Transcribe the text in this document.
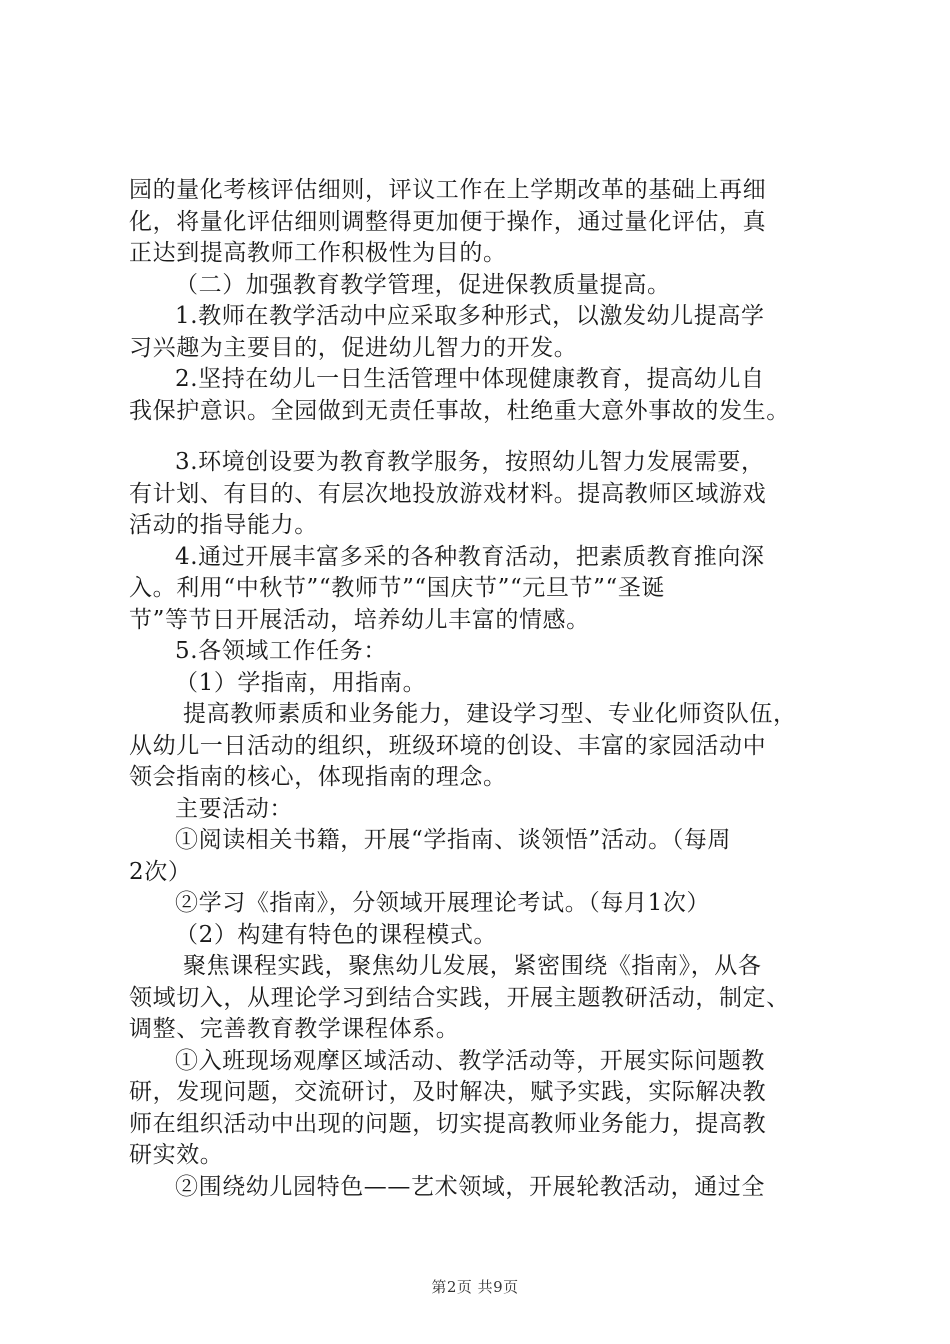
园的量化考核评估细则，评议工作在上学期改革的基础上再细
化，将量化评估细则调整得更加便于操作，通过量化评估，真
正达到提高教师工作积极性为目的。
（二）加强教育教学管理，促进保教质量提高。
1.教师在教学活动中应采取多种形式，以激发幼儿提高学
习兴趣为主要目的，促进幼儿智力的开发。
2.坚持在幼儿一日生活管理中体现健康教育，提高幼儿自
我保护意识。全园做到无责任事故，杜绝重大意外事故的发生。
3.环境创设要为教育教学服务，按照幼儿智力发展需要，
有计划、有目的、有层次地投放游戏材料。提高教师区域游戏
活动的指导能力。
4.通过开展丰富多采的各种教育活动，把素质教育推向深
入。利用“中秋节”“教师节”“国庆节”“元旦节”“圣诞
节”等节日开展活动，培养幼儿丰富的情感。
5.各领域工作任务：
（1）学指南，用指南。
提高教师素质和业务能力，建设学习型、专业化师资队伍，
从幼儿一日活动的组织，班级环境的创设、丰富的家园活动中
领会指南的核心，体现指南的理念。
主要活动：
①阅读相关书籍，开展“学指南、谈领悟”活动。（每周
2次）
②学习《指南》，分领域开展理论考试。（每月1次）
（2）构建有特色的课程模式。
聚焦课程实践，聚焦幼儿发展，紧密围绕《指南》，从各
领域切入，从理论学习到结合实践，开展主题教研活动，制定、
调整、完善教育教学课程体系。
①入班现场观摩区域活动、教学活动等，开展实际问题教
研，发现问题，交流研讨，及时解决，赋予实践，实际解决教
师在组织活动中出现的问题，切实提高教师业务能力，提高教
研实效。
②围绕幼儿园特色——艺术领域，开展轮教活动，通过全
第2页 共9页
